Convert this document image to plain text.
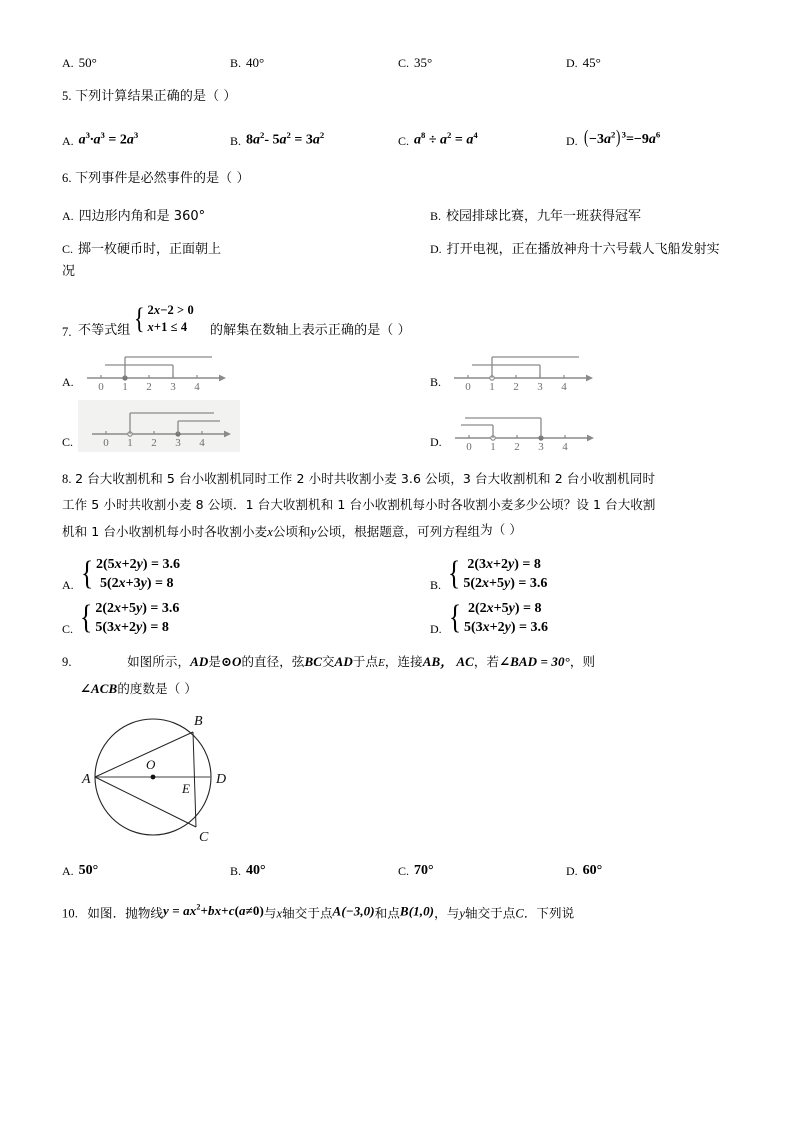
A. 50°	B. 40°	C. 35°	D. 45°
5. 下列计算结果正确的是（ ）
A. $a^3\cdot a^3 = 2a^3$	B. $8a^2-$ $5a^2 = 3a^2$	C. $a^8 \div a^2 = a^4$	D. $(-3a^2)^3=-9a^6$
6. 下列事件是必然事件的是（ ）
A. 四边形内角和是 360°	B. 校园排球比赛，九年一班获得冠军
C. 掷一枚硬币时，正面朝上	D. 打开电视，正在播放神舟十六号载人飞船发射实
况
7. 不等式组 { 2x−2 > 0
x+1 ≤ 4	的解集在数轴上表示正确的是（ ）
A. 0 1 2 3 4	B. 0 1 2 3 4
C.	0 1 2 3 4	D. 0 1 2 3 4
8. 2 台大收割机和 5 台小收割机同时工作 2 小时共收割小麦 3.6 公顷，3 台大收割机和 2 台小收割机同时
工作 5 小时共收割小麦 8 公顷．1 台大收割机和 1 台小收割机每小时各收割小麦多少公顷？设 1 台大收割
机和 1 台小收割机每小时各收割小麦x公顷和y公顷，根据题意，可列方程组为（ ）
A. { 2(5x+2y) = 3.6
5(2x+3y) = 8	B. { 2(3x+2y) = 8
5(2x+5y) = 3.6
C. { 2(2x+5y) = 3.6
5(3x+2y) = 8	D. { 2(2x+5y) = 8
5(3x+2y) = 3.6
9.	如图所示，AD是⊙O的直径，弦BC交AD于点E，连接AB， AC，若∠BAD = 30°，则
∠ACB的度数是（ ）
A
B
C
D
E
O
A. 50°	B. 40°	C. 70°	D. 60°
10. 如图．抛物线$y = ax^2+bx+c(a\ne 0)$与x轴交于点A(−3,0)和点B(1,0)，与y轴交于点C．下列说
